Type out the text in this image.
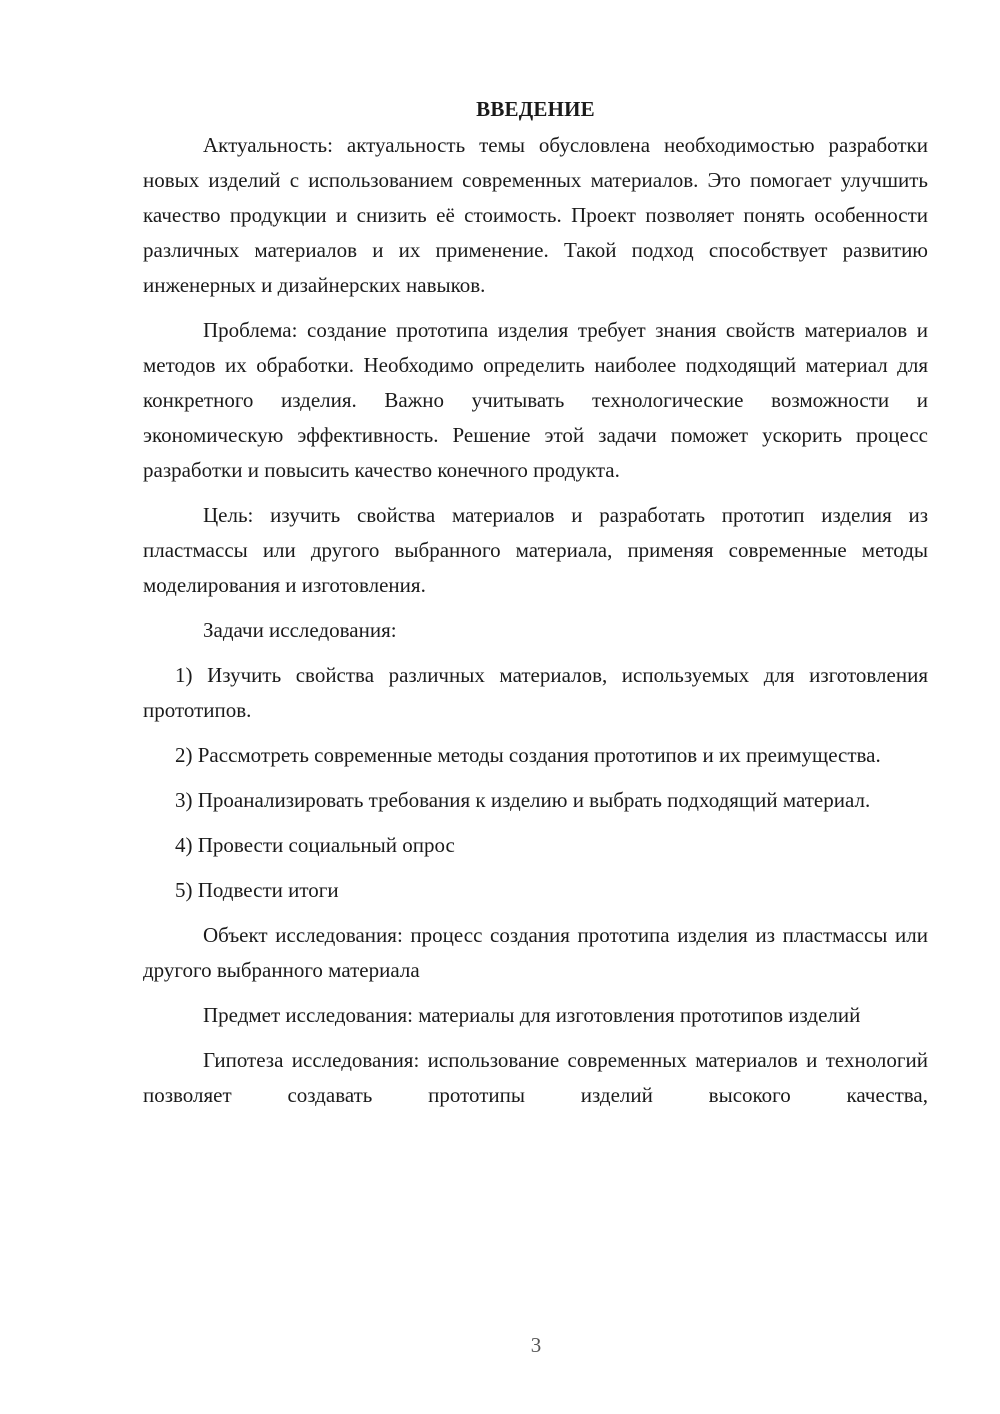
ВВЕДЕНИЕ

Актуальность: актуальность темы обусловлена необходимостью разработки новых изделий с использованием современных материалов. Это помогает улучшить качество продукции и снизить её стоимость. Проект позволяет понять особенности различных материалов и их применение. Такой подход способствует развитию инженерных и дизайнерских навыков.

Проблема: создание прототипа изделия требует знания свойств материалов и методов их обработки. Необходимо определить наиболее подходящий материал для конкретного изделия. Важно учитывать технологические возможности и экономическую эффективность. Решение этой задачи поможет ускорить процесс разработки и повысить качество конечного продукта.

Цель: изучить свойства материалов и разработать прототип изделия из пластмассы или другого выбранного материала, применяя современные методы моделирования и изготовления.

Задачи исследования:

1) Изучить свойства различных материалов, используемых для изготовления прототипов.

2) Рассмотреть современные методы создания прототипов и их преимущества.

3) Проанализировать требования к изделию и выбрать подходящий материал.

4) Провести социальный опрос

5) Подвести итоги

Объект исследования: процесс создания прототипа изделия из пластмассы или другого выбранного материала

Предмет исследования: материалы для изготовления прототипов изделий

Гипотеза исследования: использование современных материалов и технологий позволяет создавать прототипы изделий высокого качества,

3
